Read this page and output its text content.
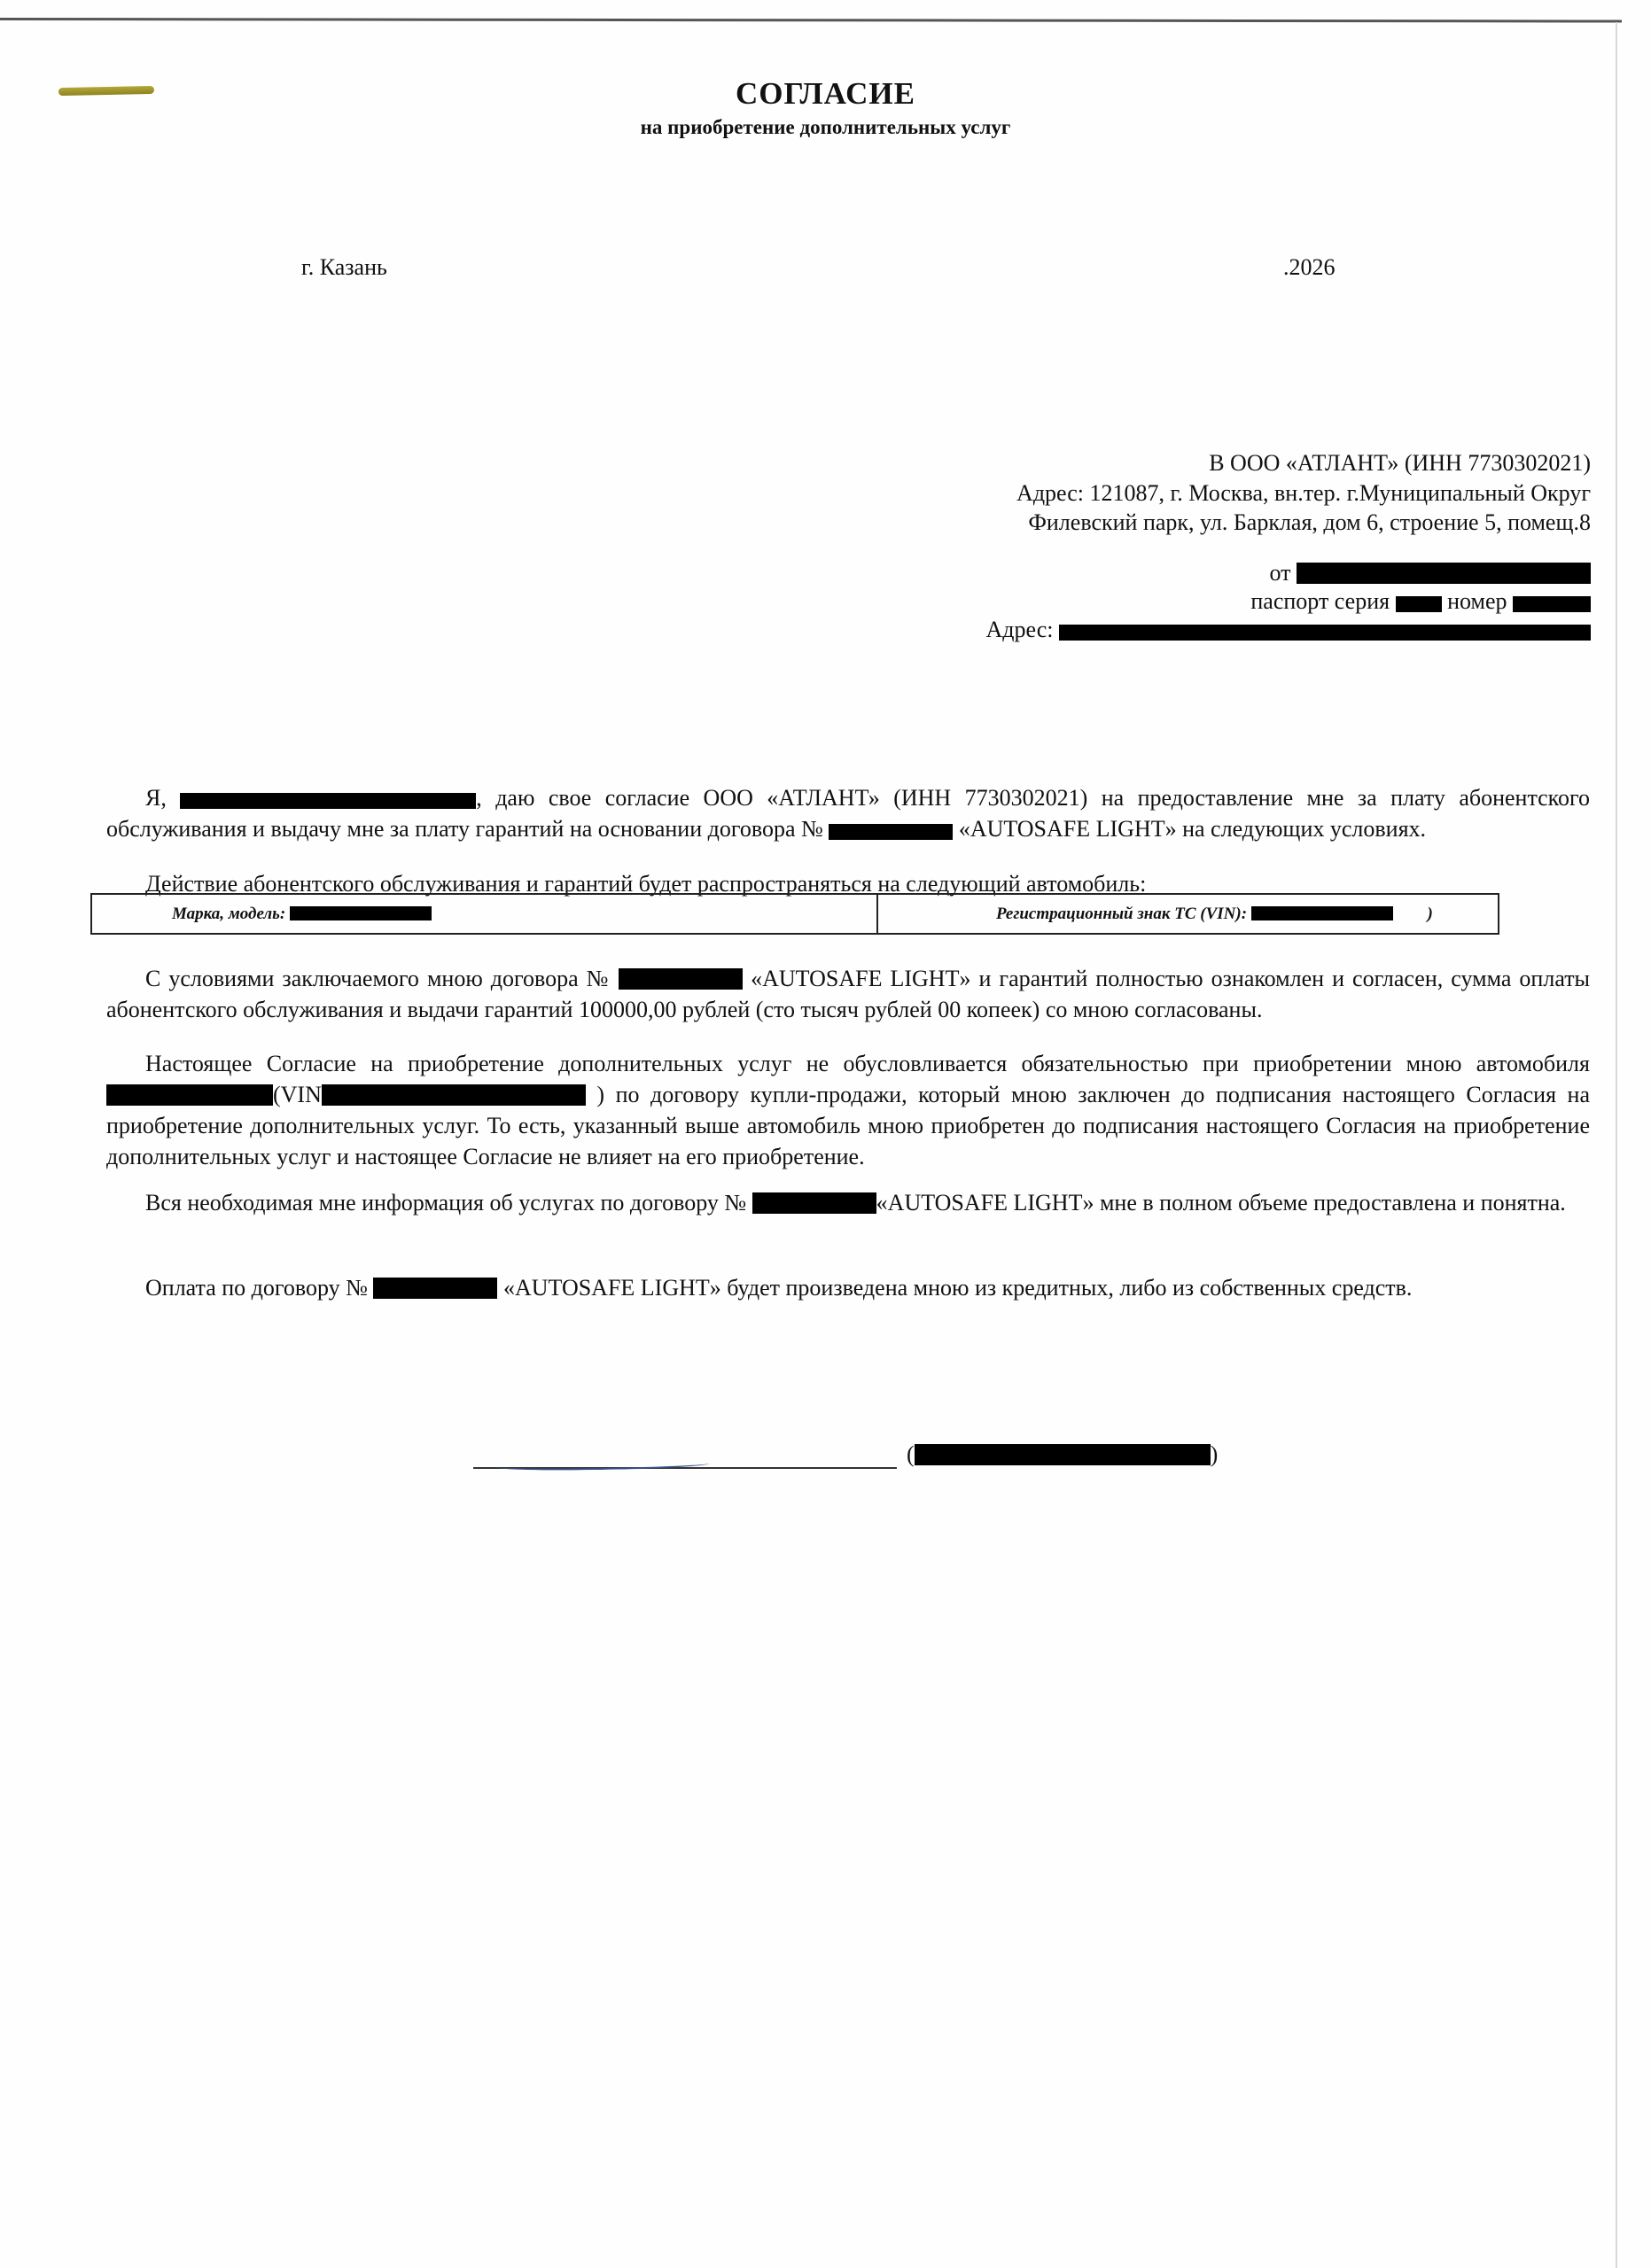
СОГЛАСИЕ
на приобретение дополнительных услуг
г. Казань	.2026
В ООО «АТЛАНТ» (ИНН 7730302021)
Адрес: 121087, г. Москва, вн.тер. г.Муниципальный Округ
Филевский парк, ул. Барклая, дом 6, строение 5, помещ.8
от
паспорт серия	номер
Адрес:

Я,	, даю свое согласие ООО «АТЛАНТ» (ИНН 7730302021) на предоставление мне за плату абонентского обслуживания и выдачу мне за плату гарантий на основании договора №	«AUTOSAFE LIGHT» на следующих условиях.

Действие абонентского обслуживания и гарантий будет распространяться на следующий автомобиль:

Марка, модель:	Регистрационный знак ТС (VIN):	)

С условиями заключаемого мною договора №	«AUTOSAFE LIGHT» и гарантий полностью ознакомлен и согласен, сумма оплаты абонентского обслуживания и выдачи гарантий 100000,00 рублей (сто тысяч рублей 00 копеек) со мною согласованы.

Настоящее Согласие на приобретение дополнительных услуг не обусловливается обязательностью при приобретении мною автомобиля (VIN	) по договору купли-продажи, который мною заключен до подписания настоящего Согласия на приобретение дополнительных услуг. То есть, указанный выше автомобиль мною приобретен до подписания настоящего Согласия на приобретение дополнительных услуг и настоящее Согласие не влияет на его приобретение.

Вся необходимая мне информация об услугах по договору №	«AUTOSAFE LIGHT» мне в полном объеме предоставлена и понятна.

Оплата по договору №	«AUTOSAFE LIGHT» будет произведена мною из кредитных, либо из собственных средств.

(	)
